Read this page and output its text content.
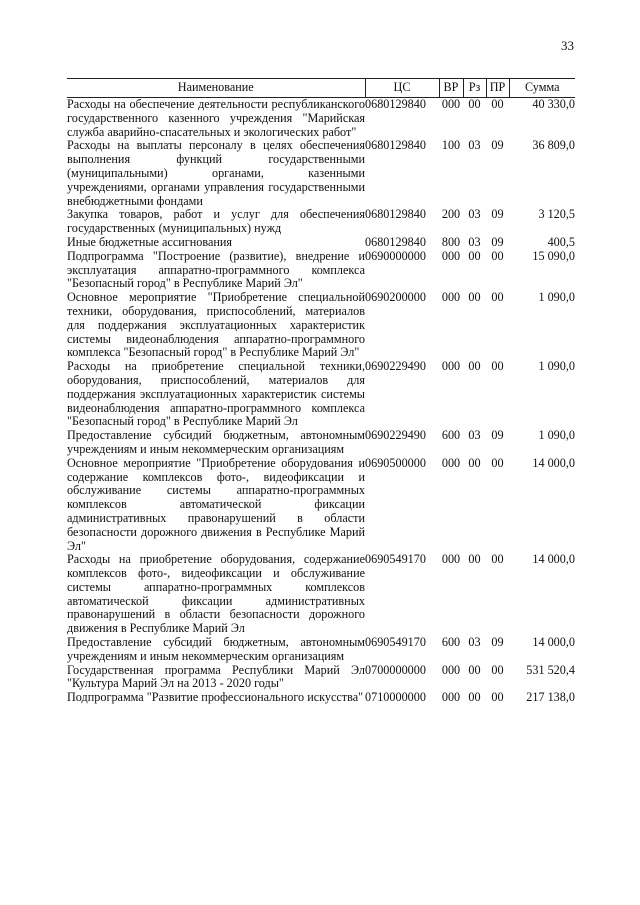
33
Наименование	ЦС	ВР	Рз	ПР	Сумма
Расходы на обеспечение деятельности республиканского государственного казенного учреждения "Марийская служба аварийно-спасательных и экологических работ"	0680129840	000	00	00	40 330,0
Расходы на выплаты персоналу в целях обеспечения выполнения функций государственными (муниципальными) органами, казенными учреждениями, органами управления государственными внебюджетными фондами	0680129840	100	03	09	36 809,0
Закупка товаров, работ и услуг для обеспечения государственных (муниципальных) нужд	0680129840	200	03	09	3 120,5
Иные бюджетные ассигнования	0680129840	800	03	09	400,5
Подпрограмма "Построение (развитие), внедрение и эксплуатация аппаратно-программного комплекса "Безопасный город" в Республике Марий Эл"	0690000000	000	00	00	15 090,0
Основное мероприятие "Приобретение специальной техники, оборудования, приспособлений, материалов для поддержания эксплуатационных характеристик системы видеонаблюдения аппаратно-программного комплекса "Безопасный город" в Республике Марий Эл"	0690200000	000	00	00	1 090,0
Расходы на приобретение специальной техники, оборудования, приспособлений, материалов для поддержания эксплуатационных характеристик системы видеонаблюдения аппаратно-программного комплекса "Безопасный город" в Республике Марий Эл	0690229490	000	00	00	1 090,0
Предоставление субсидий бюджетным, автономным учреждениям и иным некоммерческим организациям	0690229490	600	03	09	1 090,0
Основное мероприятие "Приобретение оборудования и содержание комплексов фото-, видеофиксации и обслуживание системы аппаратно-программных комплексов автоматической фиксации административных правонарушений в области безопасности дорожного движения в Республике Марий Эл"	0690500000	000	00	00	14 000,0
Расходы на приобретение оборудования, содержание комплексов фото-, видеофиксации и обслуживание системы аппаратно-программных комплексов автоматической фиксации административных правонарушений в области безопасности дорожного движения в Республике Марий Эл	0690549170	000	00	00	14 000,0
Предоставление субсидий бюджетным, автономным учреждениям и иным некоммерческим организациям	0690549170	600	03	09	14 000,0
Государственная программа Республики Марий Эл "Культура Марий Эл на 2013 - 2020 годы"	0700000000	000	00	00	531 520,4
Подпрограмма "Развитие профессионального искусства"	0710000000	000	00	00	217 138,0
